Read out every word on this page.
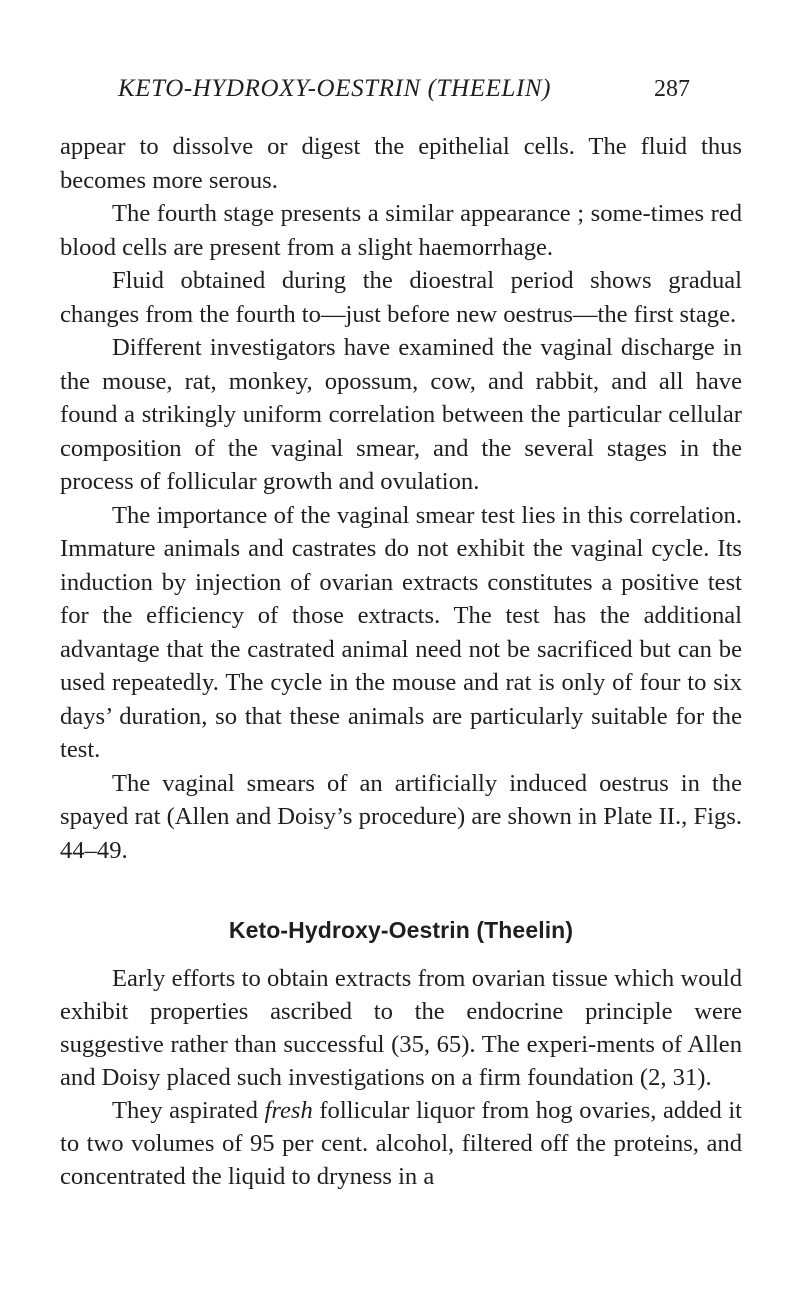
KETO-HYDROXY-OESTRIN (THEELIN)	287

appear to dissolve or digest the epithelial cells. The fluid thus becomes more serous.

The fourth stage presents a similar appearance ; some-times red blood cells are present from a slight haemorrhage.

Fluid obtained during the dioestral period shows gradual changes from the fourth to—just before new oestrus—the first stage.

Different investigators have examined the vaginal discharge in the mouse, rat, monkey, opossum, cow, and rabbit, and all have found a strikingly uniform correlation between the particular cellular composition of the vaginal smear, and the several stages in the process of follicular growth and ovulation.

The importance of the vaginal smear test lies in this correlation. Immature animals and castrates do not exhibit the vaginal cycle. Its induction by injection of ovarian extracts constitutes a positive test for the efficiency of those extracts. The test has the additional advantage that the castrated animal need not be sacrificed but can be used repeatedly. The cycle in the mouse and rat is only of four to six days’ duration, so that these animals are particularly suitable for the test.

The vaginal smears of an artificially induced oestrus in the spayed rat (Allen and Doisy’s procedure) are shown in Plate II., Figs. 44–49.

Keto-Hydroxy-Oestrin (Theelin)

Early efforts to obtain extracts from ovarian tissue which would exhibit properties ascribed to the endocrine principle were suggestive rather than successful (35, 65). The experi-ments of Allen and Doisy placed such investigations on a firm foundation (2, 31).

They aspirated fresh follicular liquor from hog ovaries, added it to two volumes of 95 per cent. alcohol, filtered off the proteins, and concentrated the liquid to dryness in a
